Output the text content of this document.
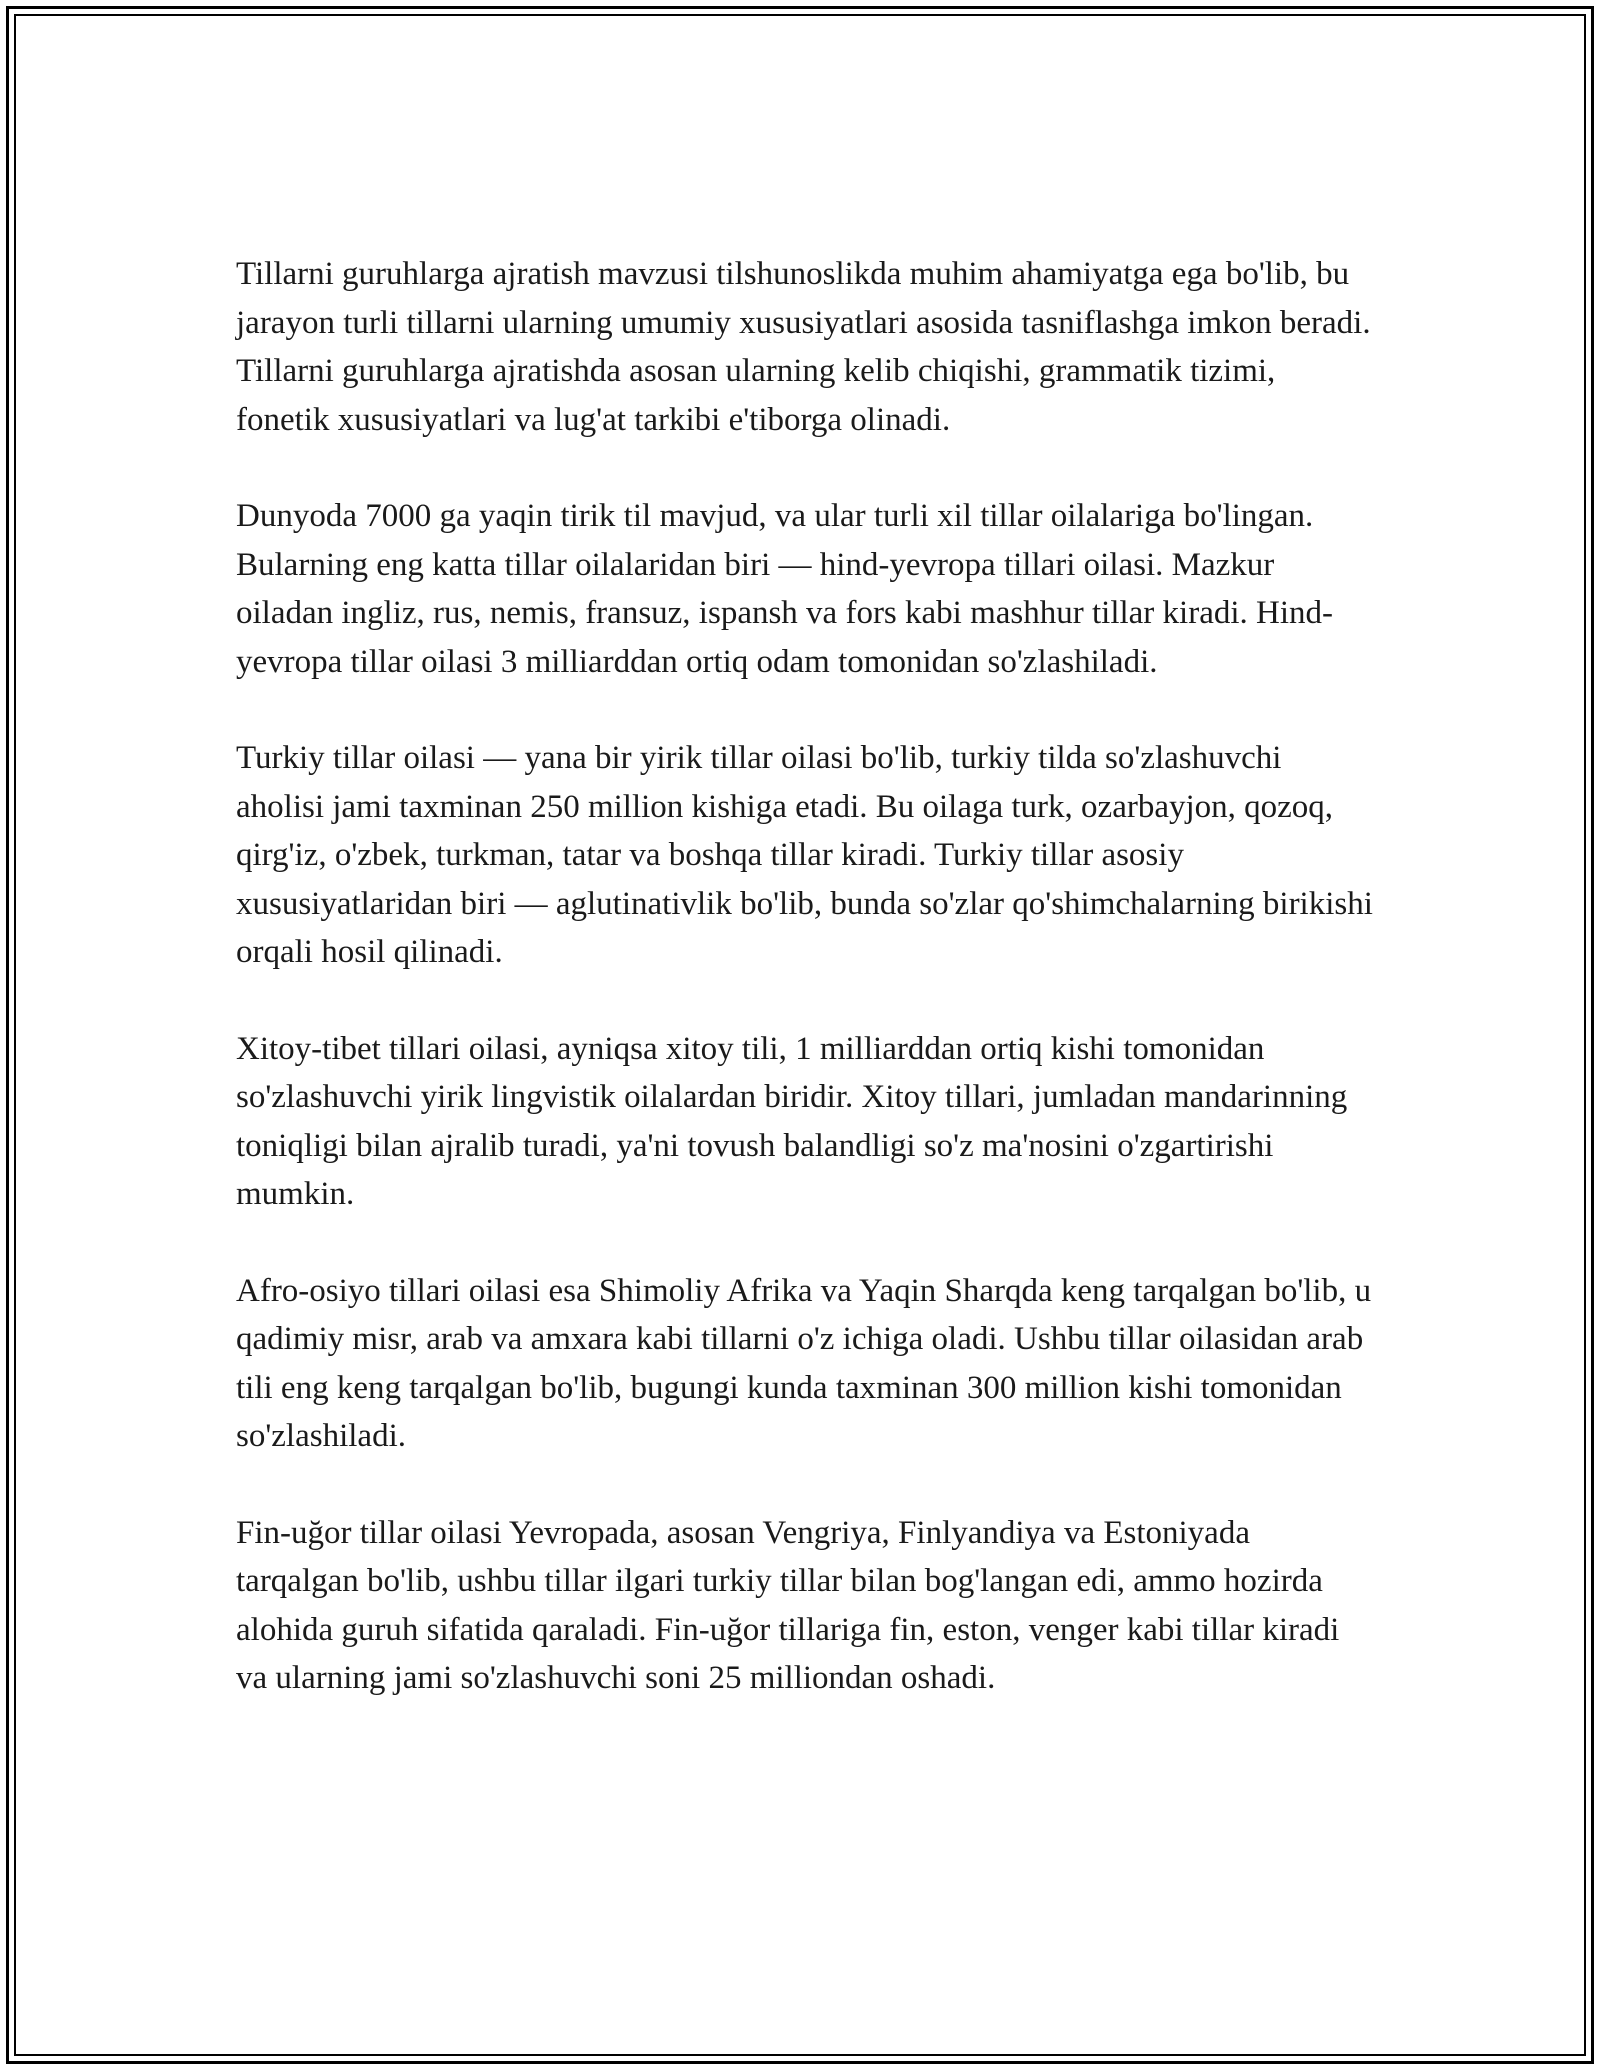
Tillarni guruhlarga ajratish mavzusi tilshunoslikda muhim ahamiyatga ega bo'lib, bu jarayon turli tillarni ularning umumiy xususiyatlari asosida tasniflashga imkon beradi. Tillarni guruhlarga ajratishda asosan ularning kelib chiqishi, grammatik tizimi, fonetik xususiyatlari va lug'at tarkibi e'tiborga olinadi.

Dunyoda 7000 ga yaqin tirik til mavjud, va ular turli xil tillar oilalariga bo'lingan. Bularning eng katta tillar oilalaridan biri — hind-yevropa tillari oilasi. Mazkur oiladan ingliz, rus, nemis, fransuz, ispansh va fors kabi mashhur tillar kiradi. Hind-yevropa tillar oilasi 3 milliarddan ortiq odam tomonidan so'zlashiladi.

Turkiy tillar oilasi — yana bir yirik tillar oilasi bo'lib, turkiy tilda so'zlashuvchi aholisi jami taxminan 250 million kishiga etadi. Bu oilaga turk, ozarbayjon, qozoq, qirg'iz, o'zbek, turkman, tatar va boshqa tillar kiradi. Turkiy tillar asosiy xususiyatlaridan biri — aglutinativlik bo'lib, bunda so'zlar qo'shimchalarning birikishi orqali hosil qilinadi.

Xitoy-tibet tillari oilasi, ayniqsa xitoy tili, 1 milliarddan ortiq kishi tomonidan so'zlashuvchi yirik lingvistik oilalardan biridir. Xitoy tillari, jumladan mandarinning toniqligi bilan ajralib turadi, ya'ni tovush balandligi so'z ma'nosini o'zgartirishi mumkin.

Afro-osiyo tillari oilasi esa Shimoliy Afrika va Yaqin Sharqda keng tarqalgan bo'lib, u qadimiy misr, arab va amxara kabi tillarni o'z ichiga oladi. Ushbu tillar oilasidan arab tili eng keng tarqalgan bo'lib, bugungi kunda taxminan 300 million kishi tomonidan so'zlashiladi.

Fin-uğor tillar oilasi Yevropada, asosan Vengriya, Finlyandiya va Estoniyada tarqalgan bo'lib, ushbu tillar ilgari turkiy tillar bilan bog'langan edi, ammo hozirda alohida guruh sifatida qaraladi. Fin-uğor tillariga fin, eston, venger kabi tillar kiradi va ularning jami so'zlashuvchi soni 25 milliondan oshadi.
